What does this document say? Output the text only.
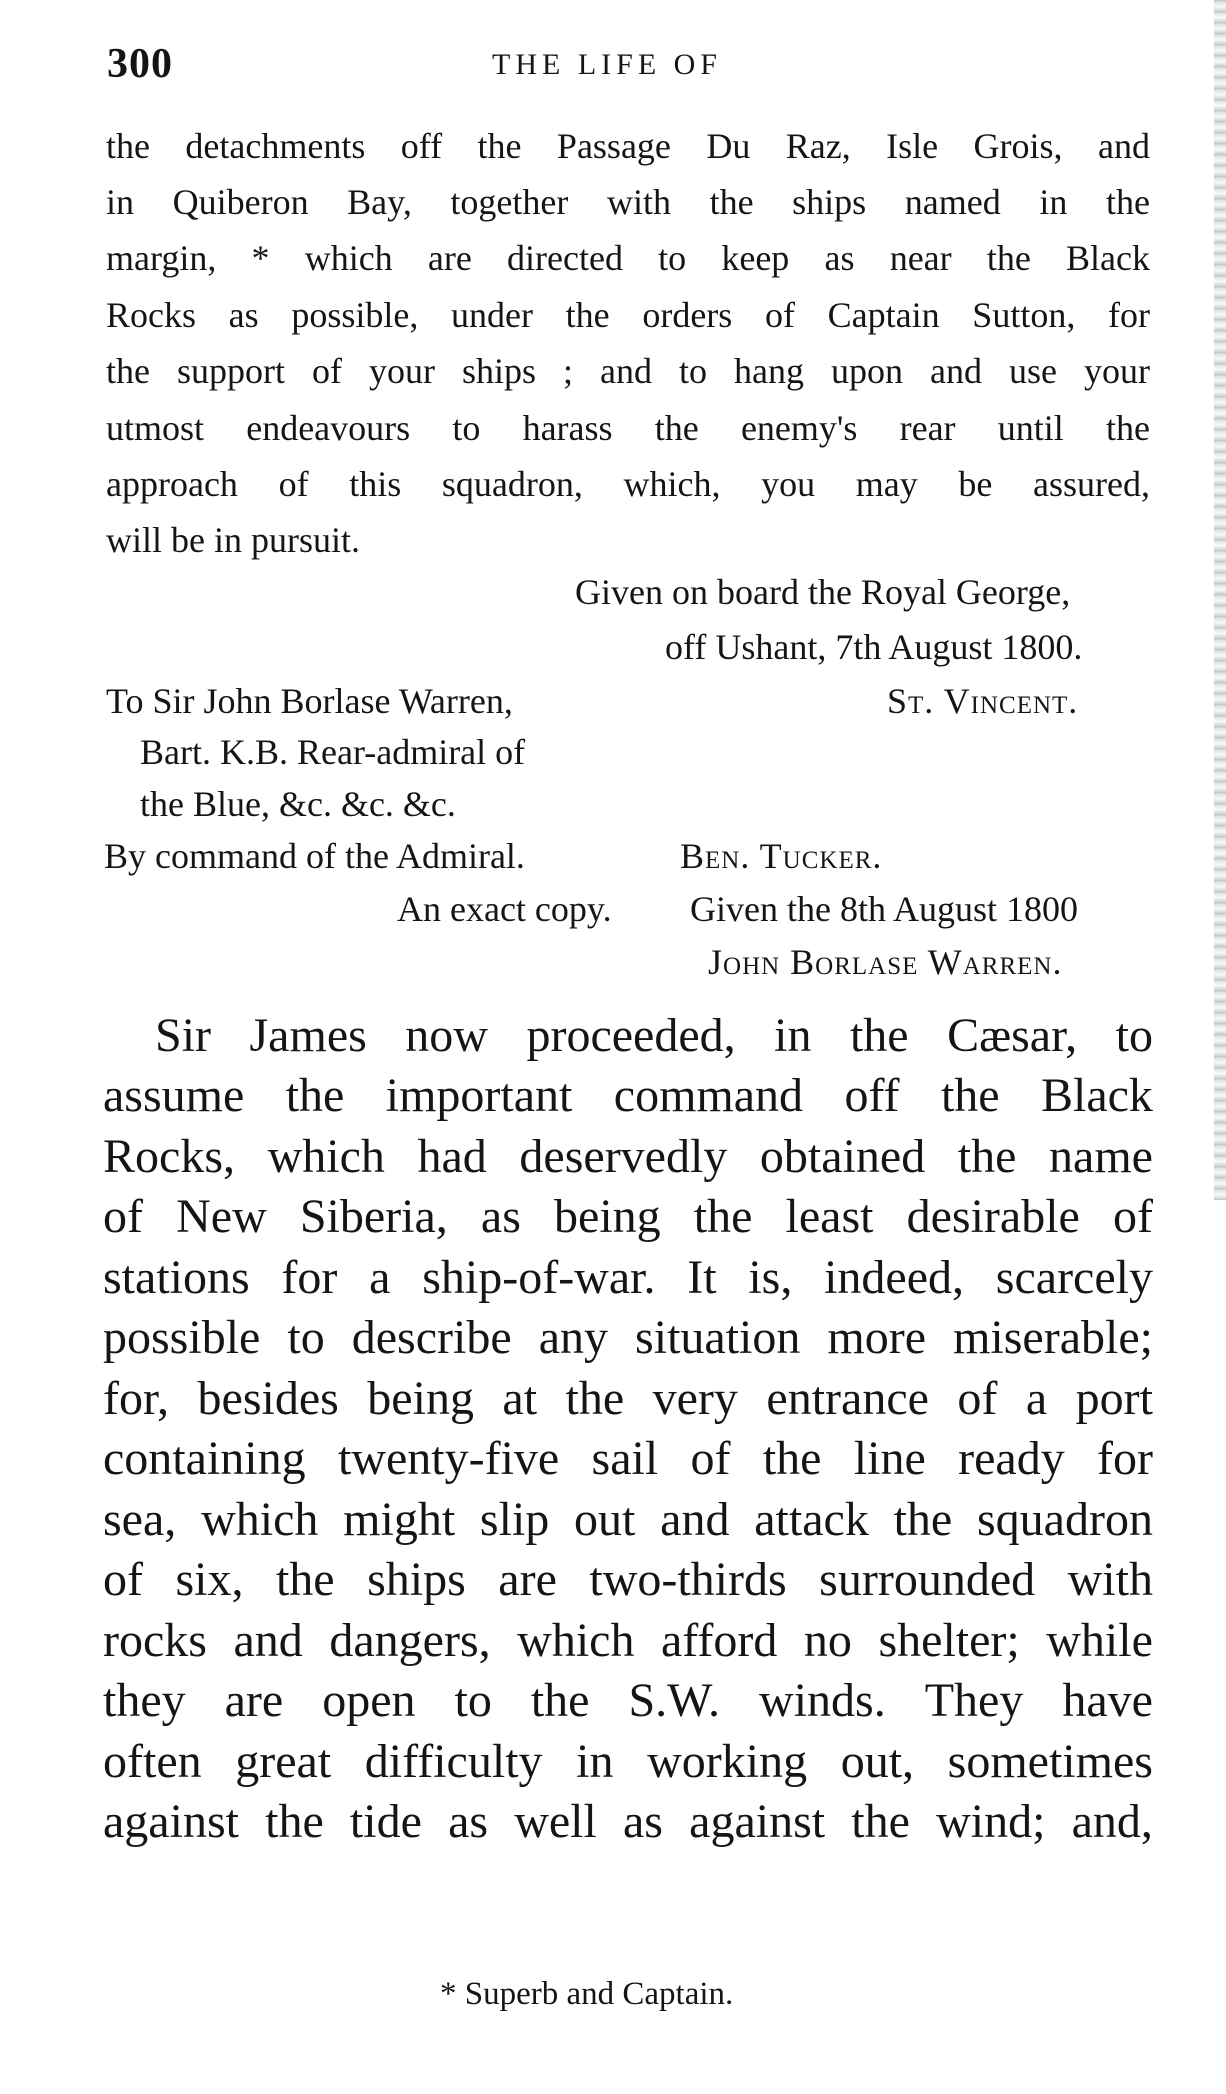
300	THE LIFE OF
the detachments off the Passage Du Raz, Isle Grois, and
in Quiberon Bay, together with the ships named in the
margin, * which are directed to keep as near the Black
Rocks as possible, under the orders of Captain Sutton, for
the support of your ships ; and to hang upon and use your
utmost endeavours to harass the enemy's rear until the
approach of this squadron, which, you may be assured,
will be in pursuit.
Given on board the Royal George,
off Ushant, 7th August 1800.
To Sir John Borlase Warren,	St. Vincent.
Bart. K.B. Rear-admiral of
the Blue, &c. &c. &c.
By command of the Admiral.	Ben. Tucker.
An exact copy. Given the 8th August 1800
John Borlase Warren.
Sir James now proceeded, in the Cæsar, to
assume the important command off the Black
Rocks, which had deservedly obtained the name
of New Siberia, as being the least desirable of
stations for a ship-of-war. It is, indeed, scarcely
possible to describe any situation more miserable;
for, besides being at the very entrance of a port
containing twenty-five sail of the line ready for
sea, which might slip out and attack the squadron
of six, the ships are two-thirds surrounded with
rocks and dangers, which afford no shelter; while
they are open to the S.W. winds. They have
often great difficulty in working out, sometimes
against the tide as well as against the wind; and,
* Superb and Captain.
